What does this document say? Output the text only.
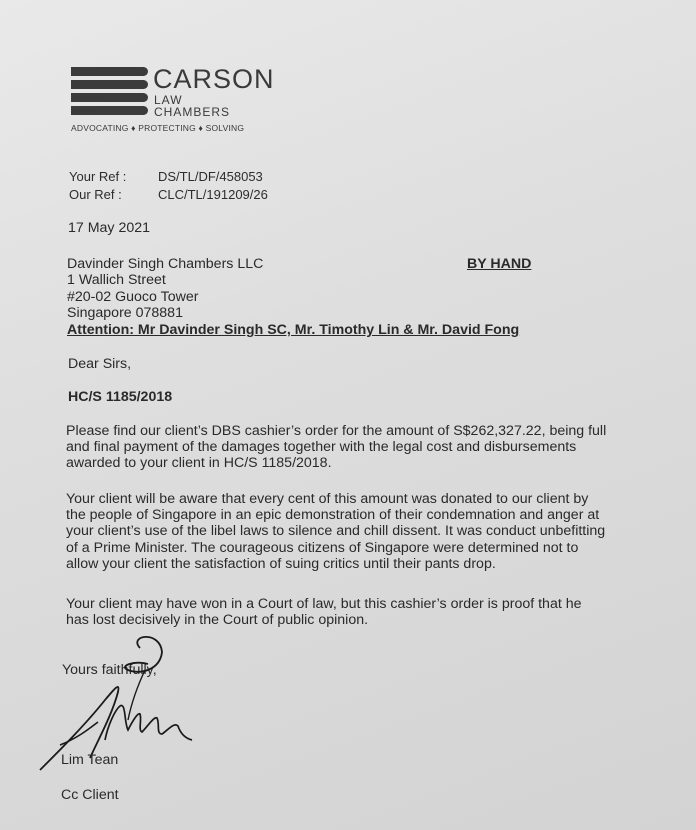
CARSON
LAW
CHAMBERS
ADVOCATING ♦ PROTECTING ♦ SOLVING
Your Ref : DS/TL/DF/458053
Our Ref :	CLC/TL/191209/26
17 May 2021
Davinder Singh Chambers LLC
1 Wallich Street
#20-02 Guoco Tower
Singapore 078881
Attention: Mr Davinder Singh SC, Mr. Timothy Lin & Mr. David Fong
BY HAND
Dear Sirs,
HC/S 1185/2018
Please find our client’s DBS cashier’s order for the amount of S$262,327.22, being full
and final payment of the damages together with the legal cost and disbursements
awarded to your client in HC/S 1185/2018.
Your client will be aware that every cent of this amount was donated to our client by
the people of Singapore in an epic demonstration of their condemnation and anger at
your client’s use of the libel laws to silence and chill dissent. It was conduct unbefitting
of a Prime Minister. The courageous citizens of Singapore were determined not to
allow your client the satisfaction of suing critics until their pants drop.
Your client may have won in a Court of law, but this cashier’s order is proof that he
has lost decisively in the Court of public opinion.
Yours faithfully,
Lim Tean
Cc Client
